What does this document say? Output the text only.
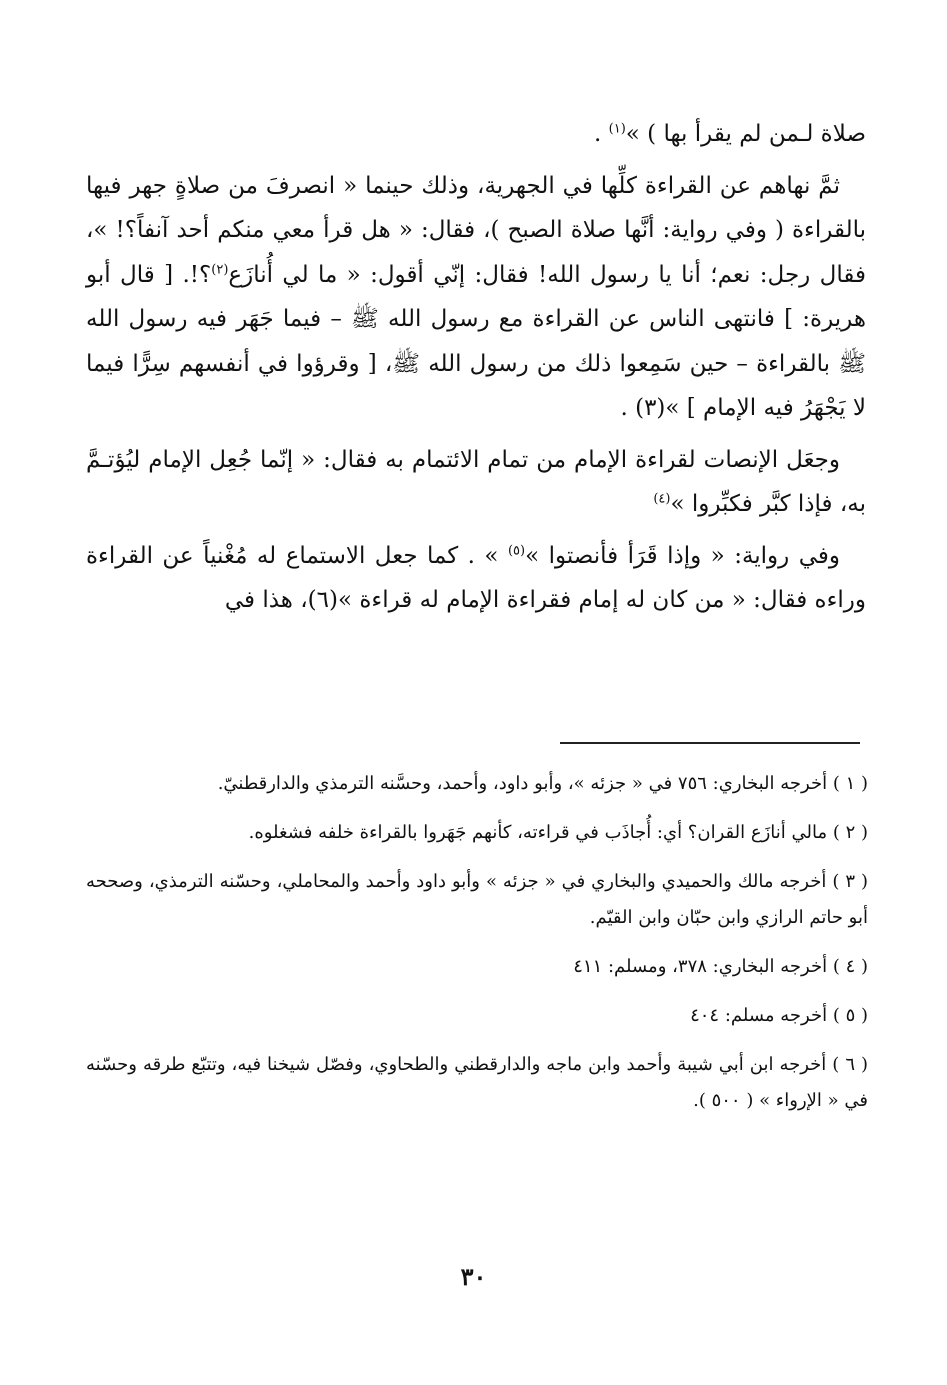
صلاة لـمن لم يقرأ بها ) »$^{(١)}$ .

ثمَّ نهاهم عن القراءة كلِّها في الجهرية، وذلك حينما « انصرفَ من صلاةٍ جهر فيها بالقراءة ( وفي رواية: أنَّها صلاة الصبح )، فقال: « هل قرأ معي منكم أحد آنفاً؟! »، فقال رجل: نعم؛ أنا يا رسول الله! فقال: إنّي أقول: « ما لي أُنازَع$^{(٢)}$؟!. [ قال أبو هريرة: ] فانتهى الناس عن القراءة مع رسول الله ﷺ – فيما جَهَر فيه رسول الله ﷺ بالقراءة – حين سَمِعوا ذلك من رسول الله ﷺ، [ وقرؤوا في أنفسهم سِرًّا فيما لا يَجْهَرُ فيه الإمام ] »(٣) .

وجعَل الإنصات لقراءة الإمام من تمام الائتمام به فقال: « إنّما جُعِل الإمام ليُؤتـمَّ به، فإذا كبَّر فكبِّروا »$^{(٤)}$

وفي رواية: « وإذا قَرَأ فأنصتوا »$^{(٥)}$ » . كما جعل الاستماع له مُغْنياً عن القراءة وراءه فقال: « من كان له إمام فقراءة الإمام له قراءة »(٦)، هذا في

( ١ ) أخرجه البخاري: ٧٥٦ في « جزئه »، وأبو داود، وأحمد، وحسَّنه الترمذي والدارقطنيّ.

( ٢ ) مالي أنازَع القران؟ أي: أُجاذَب في قراءته، كأنهم جَهَروا بالقراءة خلفه فشغلوه.

( ٣ ) أخرجه مالك والحميدي والبخاري في « جزئه » وأبو داود وأحمد والمحاملي، وحسّنه الترمذي، وصححه أبو حاتم الرازي وابن حبّان وابن القيّم.

( ٤ ) أخرجه البخاري: ٣٧٨، ومسلم: ٤١١

( ٥ ) أخرجه مسلم: ٤٠٤

( ٦ ) أخرجه ابن أبي شيبة وأحمد وابن ماجه والدارقطني والطحاوي، وفصّل شيخنا فيه، وتتبّع طرقه وحسّنه في « الإرواء » ( ٥٠٠ ).

٣٠
